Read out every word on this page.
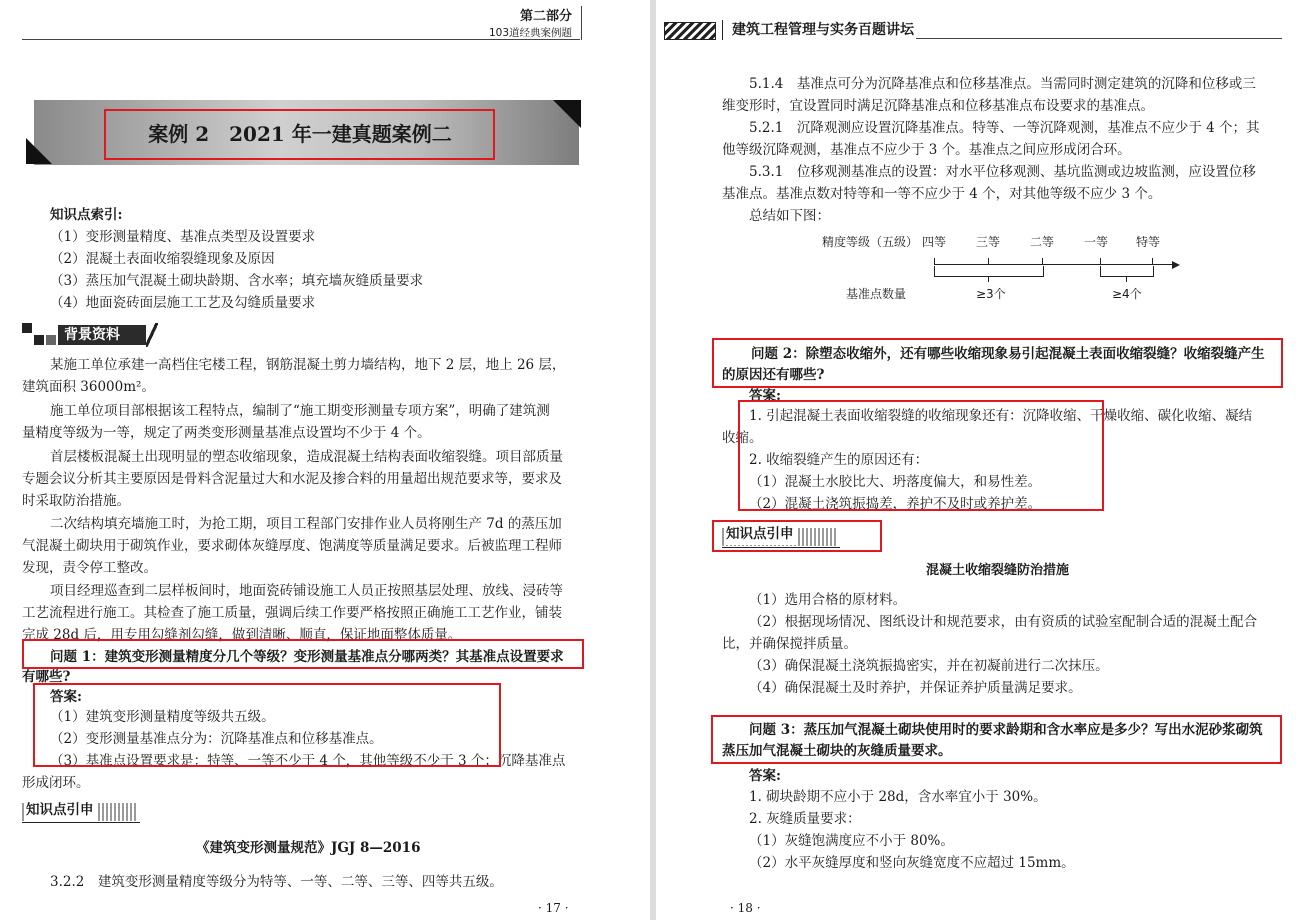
第二部分
103道经典案例题
案例 2　2021 年一建真题案例二
知识点索引:
（1）变形测量精度、基准点类型及设置要求
（2）混凝土表面收缩裂缝现象及原因
（3）蒸压加气混凝土砌块龄期、含水率；填充墙灰缝质量要求
（4）地面瓷砖面层施工工艺及勾缝质量要求
背景资料
某施工单位承建一高档住宅楼工程，钢筋混凝土剪力墙结构，地下 2 层，地上 26 层，
建筑面积 36000m²。
施工单位项目部根据该工程特点，编制了“施工期变形测量专项方案”，明确了建筑测
量精度等级为一等，规定了两类变形测量基准点设置均不少于 4 个。
首层楼板混凝土出现明显的塑态收缩现象，造成混凝土结构表面收缩裂缝。项目部质量
专题会议分析其主要原因是骨料含泥量过大和水泥及掺合料的用量超出规范要求等，要求及
时采取防治措施。
二次结构填充墙施工时，为抢工期，项目工程部门安排作业人员将刚生产 7d 的蒸压加
气混凝土砌块用于砌筑作业，要求砌体灰缝厚度、饱满度等质量满足要求。后被监理工程师
发现，责令停工整改。
项目经理巡查到二层样板间时，地面瓷砖铺设施工人员正按照基层处理、放线、浸砖等
工艺流程进行施工。其检查了施工质量，强调后续工作要严格按照正确施工工艺作业，铺装
完成 28d 后，用专用勾缝剂勾缝，做到清晰、顺直，保证地面整体质量。
问题 1：建筑变形测量精度分几个等级？变形测量基准点分哪两类？其基准点设置要求
有哪些?
答案:
（1）建筑变形测量精度等级共五级。
（2）变形测量基准点分为：沉降基准点和位移基准点。
（3）基准点设置要求是：特等、一等不少于 4 个，其他等级不少于 3 个；沉降基准点
形成闭环。
知识点引申
《建筑变形测量规范》JGJ 8—2016
3.2.2　建筑变形测量精度等级分为特等、一等、二等、三等、四等共五级。
· 17 ·
建筑工程管理与实务百题讲坛
5.1.4　基准点可分为沉降基准点和位移基准点。当需同时测定建筑的沉降和位移或三
维变形时，宜设置同时满足沉降基准点和位移基准点布设要求的基准点。
5.2.1　沉降观测应设置沉降基准点。特等、一等沉降观测，基准点不应少于 4 个；其
他等级沉降观测，基准点不应少于 3 个。基准点之间应形成闭合环。
5.3.1　位移观测基准点的设置：对水平位移观测、基坑监测或边坡监测，应设置位移
基准点。基准点数对特等和一等不应少于 4 个，对其他等级不应少 3 个。
总结如下图：
精度等级（五级） 四等 三等 二等 一等 特等
基准点数量	≥3个	≥4个
问题 2：除塑态收缩外，还有哪些收缩现象易引起混凝土表面收缩裂缝？收缩裂缝产生
的原因还有哪些?
答案:
1. 引起混凝土表面收缩裂缝的收缩现象还有：沉降收缩、干燥收缩、碳化收缩、凝结
收缩。
2. 收缩裂缝产生的原因还有：
（1）混凝土水胶比大、坍落度偏大，和易性差。
（2）混凝土浇筑振捣差，养护不及时或养护差。
知识点引申
混凝土收缩裂缝防治措施
（1）选用合格的原材料。
（2）根据现场情况、图纸设计和规范要求，由有资质的试验室配制合适的混凝土配合
比，并确保搅拌质量。
（3）确保混凝土浇筑振捣密实，并在初凝前进行二次抹压。
（4）确保混凝土及时养护，并保证养护质量满足要求。
问题 3：蒸压加气混凝土砌块使用时的要求龄期和含水率应是多少？写出水泥砂浆砌筑
蒸压加气混凝土砌块的灰缝质量要求。
答案:
1. 砌块龄期不应小于 28d，含水率宜小于 30%。
2. 灰缝质量要求：
（1）灰缝饱满度应不小于 80%。
（2）水平灰缝厚度和竖向灰缝宽度不应超过 15mm。
· 18 ·
